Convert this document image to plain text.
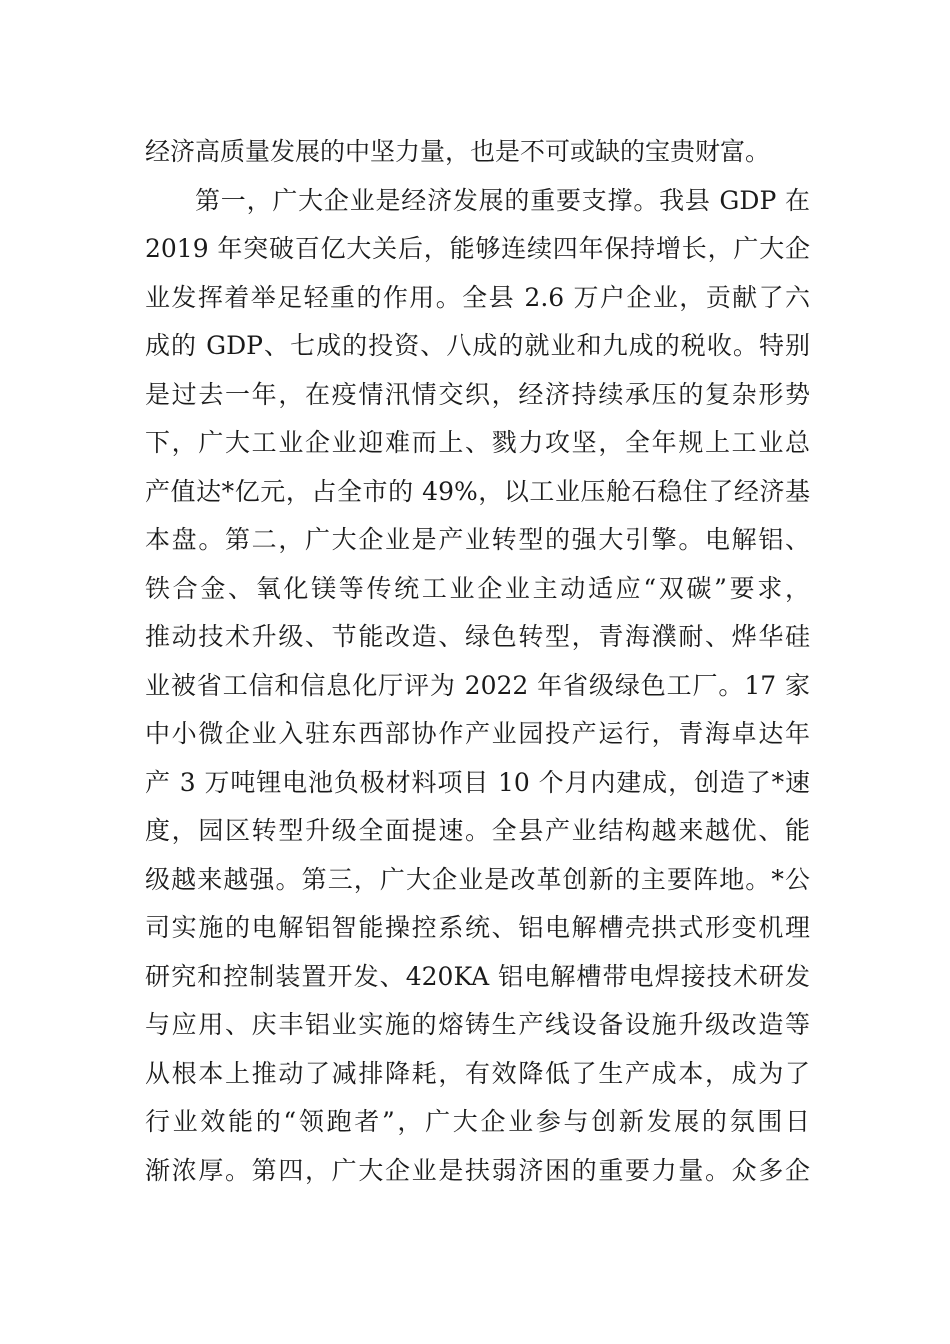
经济高质量发展的中坚力量，也是不可或缺的宝贵财富。
第一，广大企业是经济发展的重要支撑。我县 GDP 在
2019 年突破百亿大关后，能够连续四年保持增长，广大企
业发挥着举足轻重的作用。全县 2.6 万户企业，贡献了六
成的 GDP、七成的投资、八成的就业和九成的税收。特别
是过去一年，在疫情汛情交织，经济持续承压的复杂形势
下，广大工业企业迎难而上、戮力攻坚，全年规上工业总
产值达*亿元，占全市的 49%，以工业压舱石稳住了经济基
本盘。第二，广大企业是产业转型的强大引擎。电解铝、
铁合金、氧化镁等传统工业企业主动适应“双碳”要求，
推动技术升级、节能改造、绿色转型，青海濮耐、烨华硅
业被省工信和信息化厅评为 2022 年省级绿色工厂。17 家
中小微企业入驻东西部协作产业园投产运行，青海卓达年
产 3 万吨锂电池负极材料项目 10 个月内建成，创造了*速
度，园区转型升级全面提速。全县产业结构越来越优、能
级越来越强。第三，广大企业是改革创新的主要阵地。*公
司实施的电解铝智能操控系统、铝电解槽壳拱式形变机理
研究和控制装置开发、420KA 铝电解槽带电焊接技术研发
与应用、庆丰铝业实施的熔铸生产线设备设施升级改造等
从根本上推动了减排降耗，有效降低了生产成本，成为了
行业效能的“领跑者”，广大企业参与创新发展的氛围日
渐浓厚。第四，广大企业是扶弱济困的重要力量。众多企
